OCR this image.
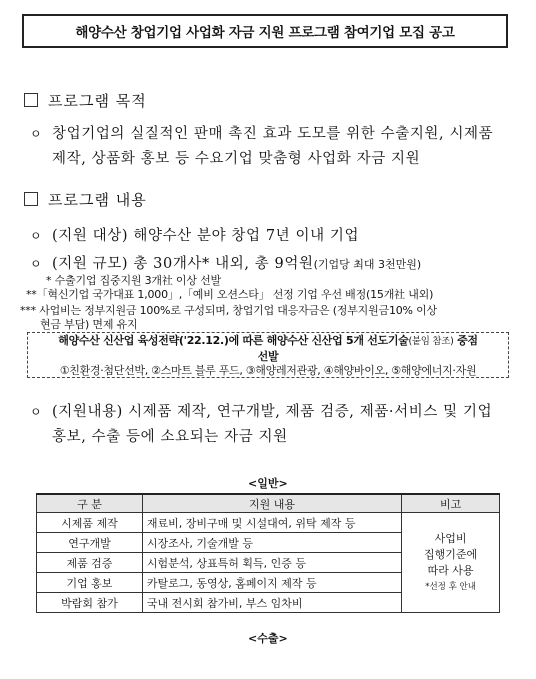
해양수산 창업기업 사업화 자금 지원 프로그램 참여기업 모집 공고
프로그램 목적
ㅇ 창업기업의 실질적인 판매 촉진 효과 도모를 위한 수출지원, 시제품
제작, 상품화 홍보 등 수요기업 맞춤형 사업화 자금 지원
프로그램 내용
ㅇ (지원 대상) 해양수산 분야 창업 7년 이내 기업
ㅇ (지원 규모) 총 30개사* 내외, 총 9억원(기업당 최대 3천만원)
* 수출기업 집중지원 3개社 이상 선발
**「혁신기업 국가대표 1,000」,「예비 오션스타」 선정 기업 우선 배정(15개社 내외)
*** 사업비는 정부지원금 100%로 구성되며, 창업기업 대응자금은 (정부지원금10% 이상
해양수산 신산업 육성전략('22.12.)에 따른 해양수산 신산업 5개 선도기술(붙임 참조) 중점
선발
①친환경·첨단선박, ②스마트 블루 푸드, ③해양레저관광, ④해양바이오, ⑤해양에너지·자원
ㅇ (지원내용) 시제품 제작, 연구개발, 제품 검증, 제품·서비스 및 기업
홍보, 수출 등에 소요되는 자금 지원
<일반>
구 분	지원 내용	비고
시제품 제작	재료비, 장비구매 및 시설대여, 위탁 제작 등	사업비
집행기준에
따라 사용
*선정 후 안내

연구개발	시장조사, 기술개발 등	
제품 검증	시험분석, 상표특허 획득, 인증 등	
기업 홍보	카탈로그, 동영상, 홈페이지 제작 등	
박람회 참가	국내 전시회 참가비, 부스 임차비	
<수출>
현금 부담) 면제 유지
